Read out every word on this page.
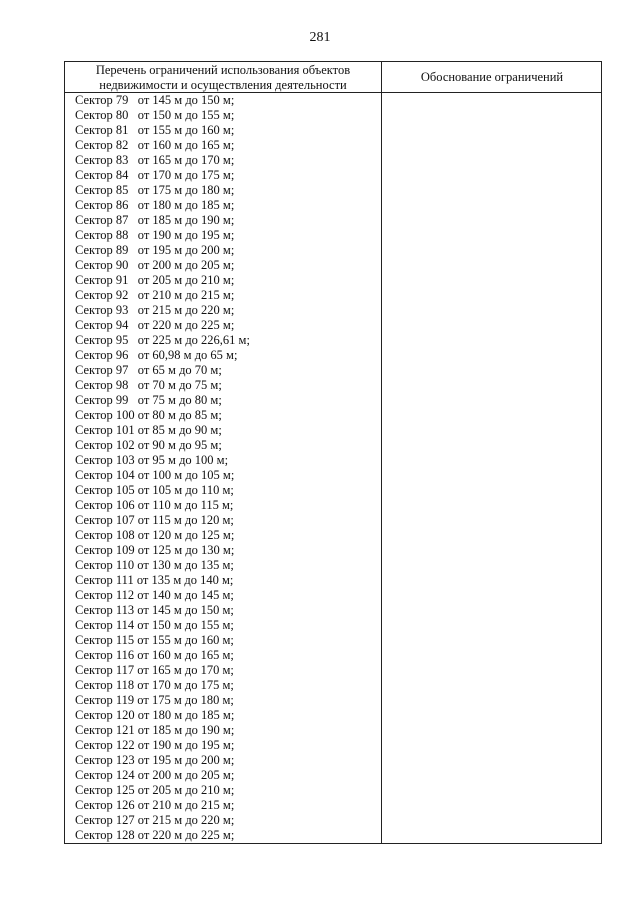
281
Перечень ограничений использования объектов
недвижимости и осуществления деятельности
Обоснование ограничений
Сектор 79   от 145 м до 150 м;
Сектор 80   от 150 м до 155 м;
Сектор 81   от 155 м до 160 м;
Сектор 82   от 160 м до 165 м;
Сектор 83   от 165 м до 170 м;
Сектор 84   от 170 м до 175 м;
Сектор 85   от 175 м до 180 м;
Сектор 86   от 180 м до 185 м;
Сектор 87   от 185 м до 190 м;
Сектор 88   от 190 м до 195 м;
Сектор 89   от 195 м до 200 м;
Сектор 90   от 200 м до 205 м;
Сектор 91   от 205 м до 210 м;
Сектор 92   от 210 м до 215 м;
Сектор 93   от 215 м до 220 м;
Сектор 94   от 220 м до 225 м;
Сектор 95   от 225 м до 226,61 м;
Сектор 96   от 60,98 м до 65 м;
Сектор 97   от 65 м до 70 м;
Сектор 98   от 70 м до 75 м;
Сектор 99   от 75 м до 80 м;
Сектор 100 от 80 м до 85 м;
Сектор 101 от 85 м до 90 м;
Сектор 102 от 90 м до 95 м;
Сектор 103 от 95 м до 100 м;
Сектор 104 от 100 м до 105 м;
Сектор 105 от 105 м до 110 м;
Сектор 106 от 110 м до 115 м;
Сектор 107 от 115 м до 120 м;
Сектор 108 от 120 м до 125 м;
Сектор 109 от 125 м до 130 м;
Сектор 110 от 130 м до 135 м;
Сектор 111 от 135 м до 140 м;
Сектор 112 от 140 м до 145 м;
Сектор 113 от 145 м до 150 м;
Сектор 114 от 150 м до 155 м;
Сектор 115 от 155 м до 160 м;
Сектор 116 от 160 м до 165 м;
Сектор 117 от 165 м до 170 м;
Сектор 118 от 170 м до 175 м;
Сектор 119 от 175 м до 180 м;
Сектор 120 от 180 м до 185 м;
Сектор 121 от 185 м до 190 м;
Сектор 122 от 190 м до 195 м;
Сектор 123 от 195 м до 200 м;
Сектор 124 от 200 м до 205 м;
Сектор 125 от 205 м до 210 м;
Сектор 126 от 210 м до 215 м;
Сектор 127 от 215 м до 220 м;
Сектор 128 от 220 м до 225 м;
